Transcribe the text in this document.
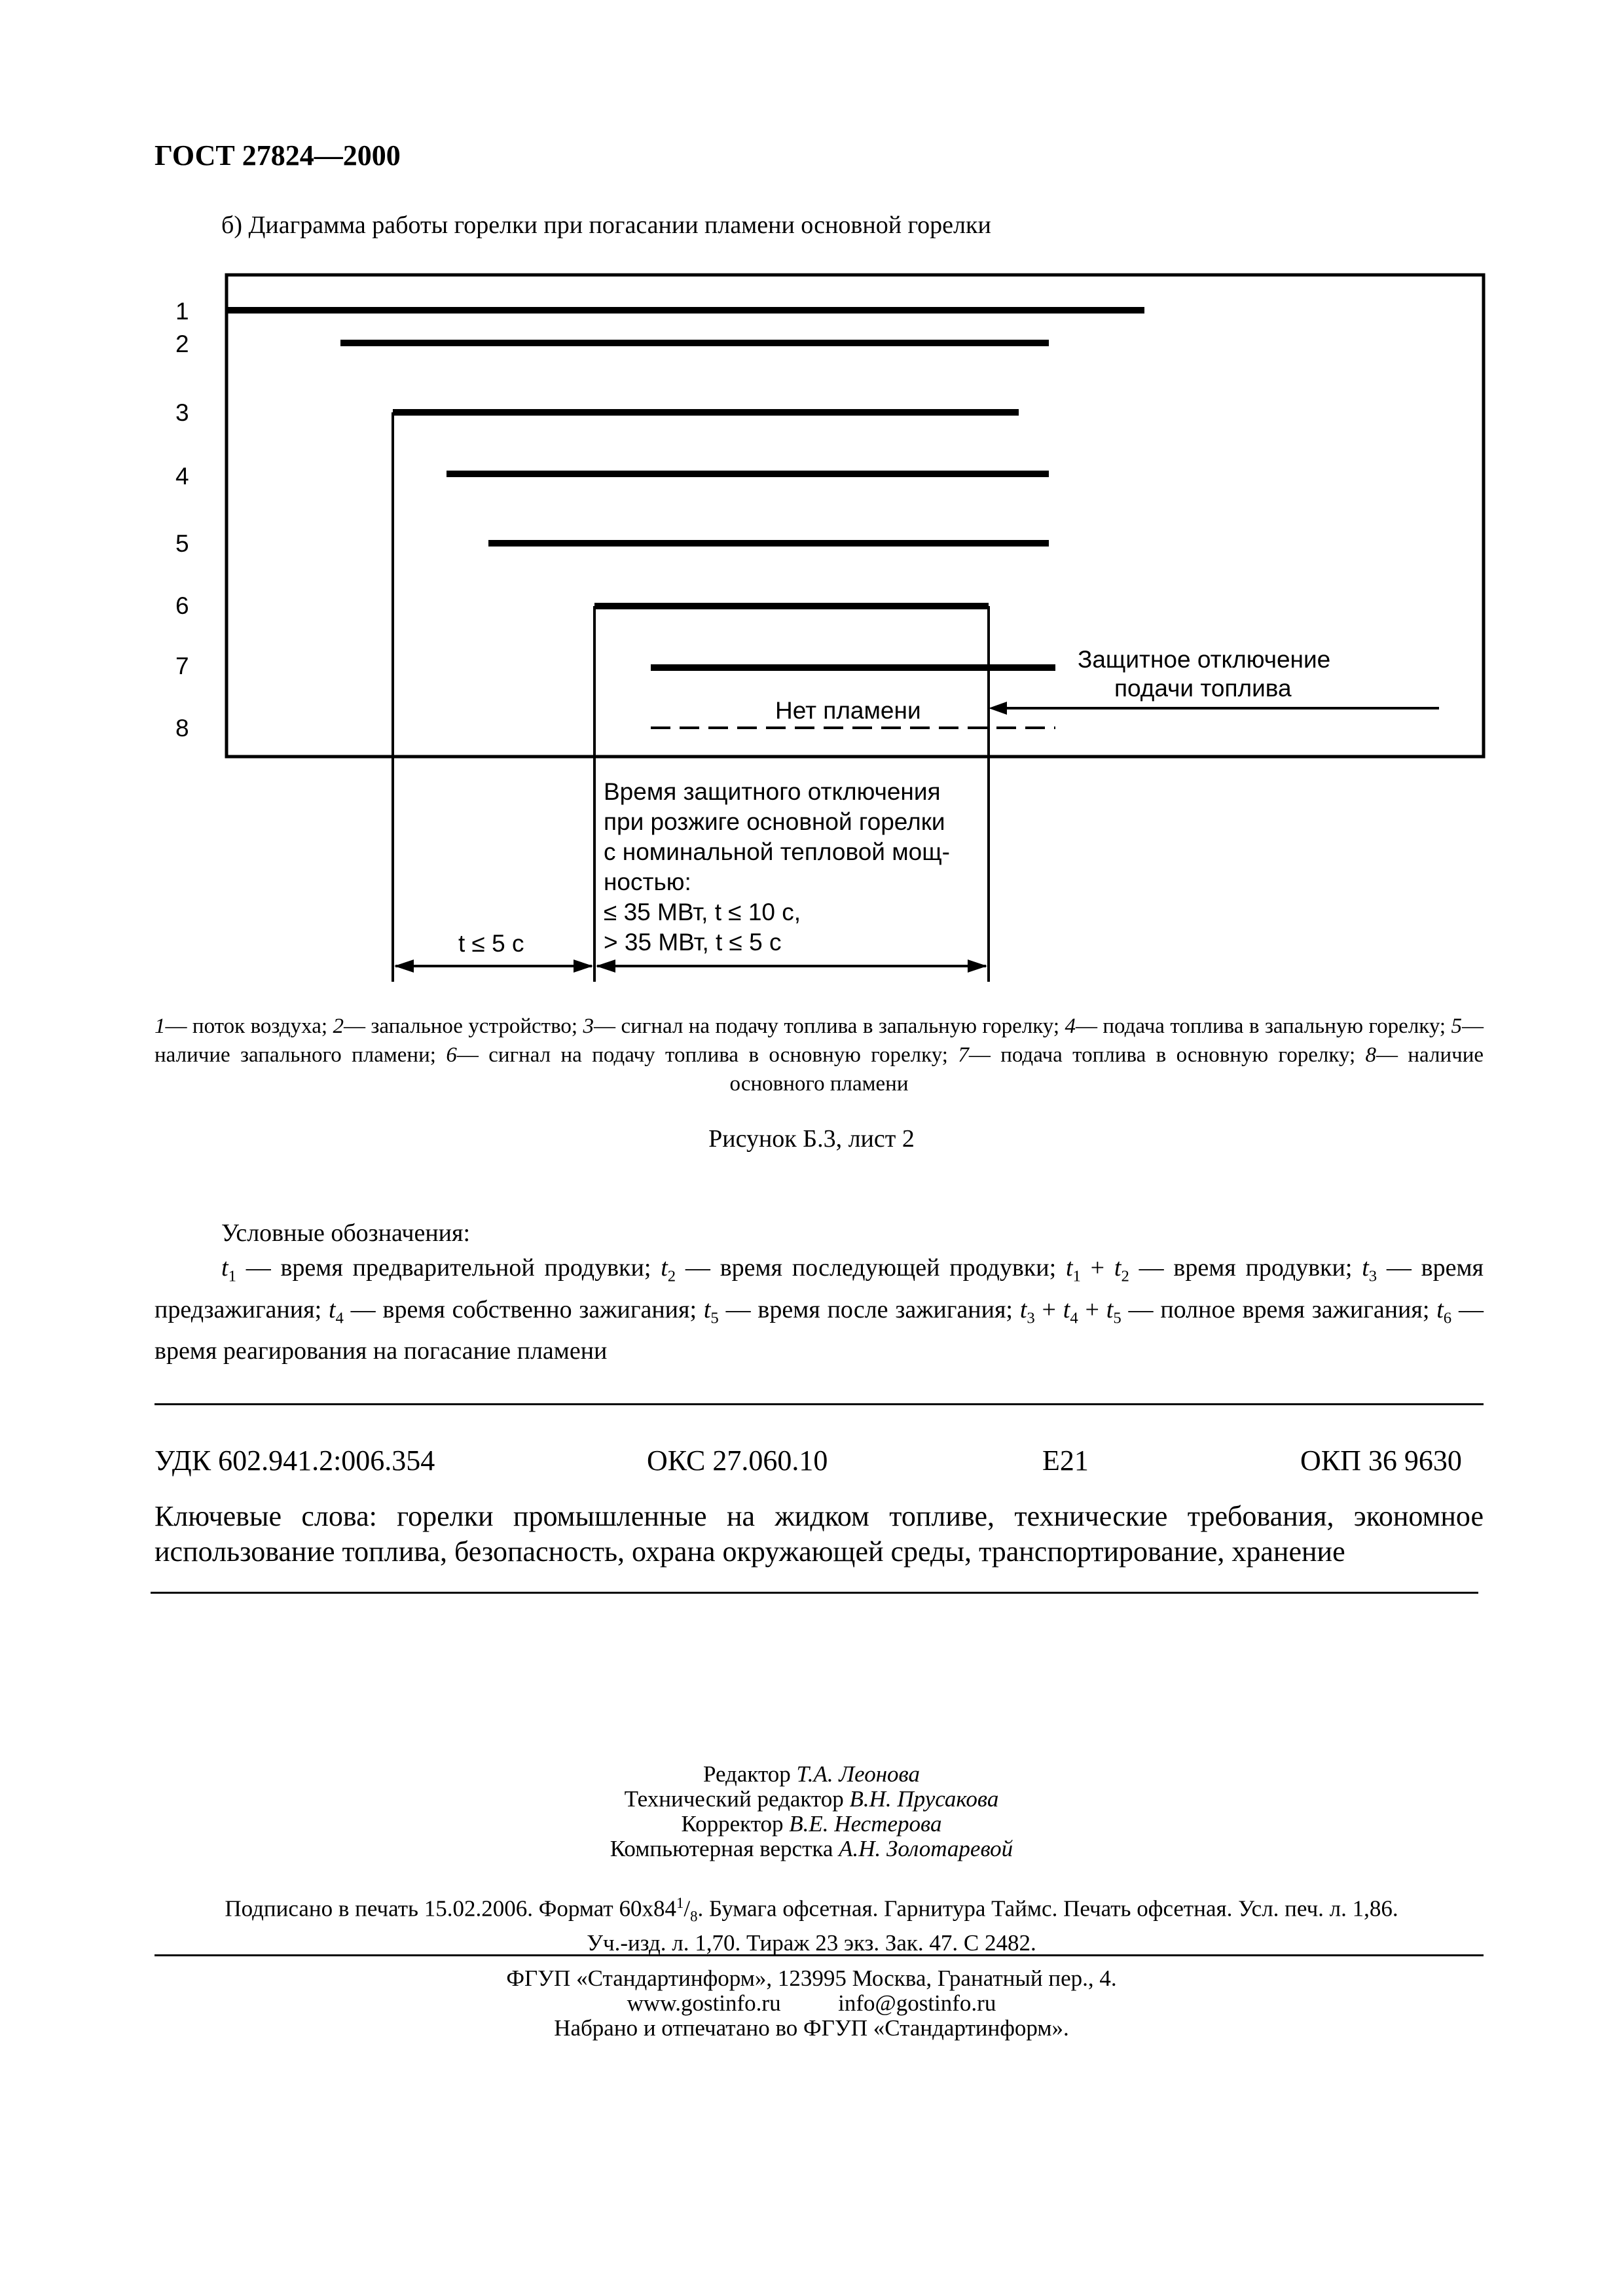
ГОСТ 27824—2000
б) Диаграмма работы горелки при погасании пламени основной горелки
1
2
3
4
5
6
7
8
Защитное отключение
подачи топлива
Нет пламени
Время защитного отключения
при розжиге основной горелки
с номинальной тепловой мощ-
ностью:
≤ 35 МВт, t ≤ 10 с,
> 35 МВт, t ≤ 5 с
t ≤ 5 с
1— поток воздуха; 2— запальное устройство; 3— сигнал на подачу топлива в запальную горелку; 4— подача топлива в запальную горелку; 5— наличие запального пламени; 6— сигнал на подачу топлива в основную горелку; 7— подача топлива в основную горелку; 8— наличие основного пламени
Рисунок Б.3, лист 2
Условные обозначения:
$t_1$ — время предварительной продувки; $t_2$ — время последующей продувки; $t_1 + t_2$ — время продувки; $t_3$ — время предзажигания; $t_4$ — время собственно зажигания; $t_5$ — время после зажигания; $t_3 + t_4 + t_5$ — полное время зажигания; $t_6$ — время реагирования на погасание пламени
УДК 602.941.2:006.354	ОКС 27.060.10	E21	ОКП 36 9630
Ключевые слова: горелки промышленные на жидком топливе, технические требования, экономное использование топлива, безопасность, охрана окружающей среды, транспортирование, хранение
Редактор Т.А. Леонова
Технический редактор В.Н. Прусакова
Корректор В.Е. Нестерова
Компьютерная верстка А.Н. Золотаревой
Подписано в печать 15.02.2006. Формат $60x84^1/_8$. Бумага офсетная. Гарнитура Таймс. Печать офсетная. Усл. печ. л. 1,86.
Уч.-изд. л. 1,70. Тираж 23 экз. Зак. 47. С 2482.
ФГУП «Стандартинформ», 123995 Москва, Гранатный пер., 4.
www.gostinfo.ru	info@gostinfo.ru
Набрано и отпечатано во ФГУП «Стандартинформ».
